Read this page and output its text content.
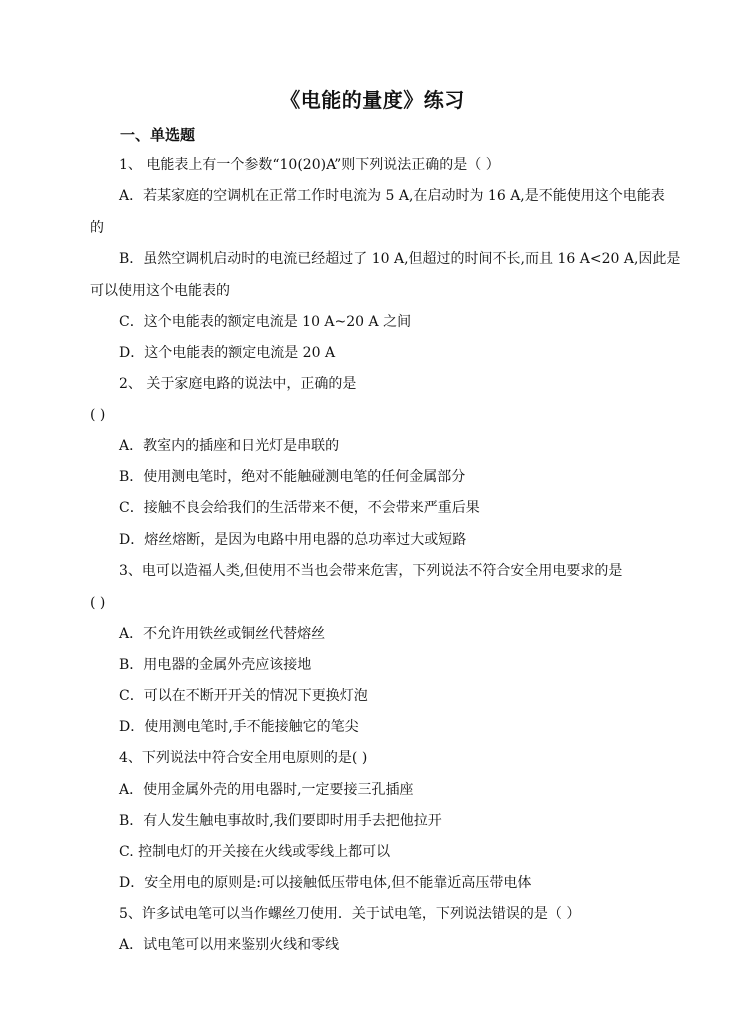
《电能的量度》练习
一、单选题
1、 电能表上有一个参数“10(20)A”则下列说法正确的是（ ）
A．若某家庭的空调机在正常工作时电流为 5 A,在启动时为 16 A,是不能使用这个电能表
的
B．虽然空调机启动时的电流已经超过了 10 A,但超过的时间不长,而且 16 A<20 A,因此是
可以使用这个电能表的
C．这个电能表的额定电流是 10 A~20 A 之间
D．这个电能表的额定电流是 20 A
2、 关于家庭电路的说法中，正确的是
( )
A．教室内的插座和日光灯是串联的
B．使用测电笔时，绝对不能触碰测电笔的任何金属部分
C．接触不良会给我们的生活带来不便，不会带来严重后果
D．熔丝熔断，是因为电路中用电器的总功率过大或短路
3、电可以造福人类,但使用不当也会带来危害，下列说法不符合安全用电要求的是
( )
A．不允许用铁丝或铜丝代替熔丝
B．用电器的金属外壳应该接地
C．可以在不断开开关的情况下更换灯泡
D．使用测电笔时,手不能接触它的笔尖
4、下列说法中符合安全用电原则的是( )
A．使用金属外壳的用电器时,一定要接三孔插座
B．有人发生触电事故时,我们要即时用手去把他拉开
C. 控制电灯的开关接在火线或零线上都可以
D．安全用电的原则是:可以接触低压带电体,但不能靠近高压带电体
5、许多试电笔可以当作螺丝刀使用．关于试电笔，下列说法错误的是（ ）
A．试电笔可以用来鉴别火线和零线
